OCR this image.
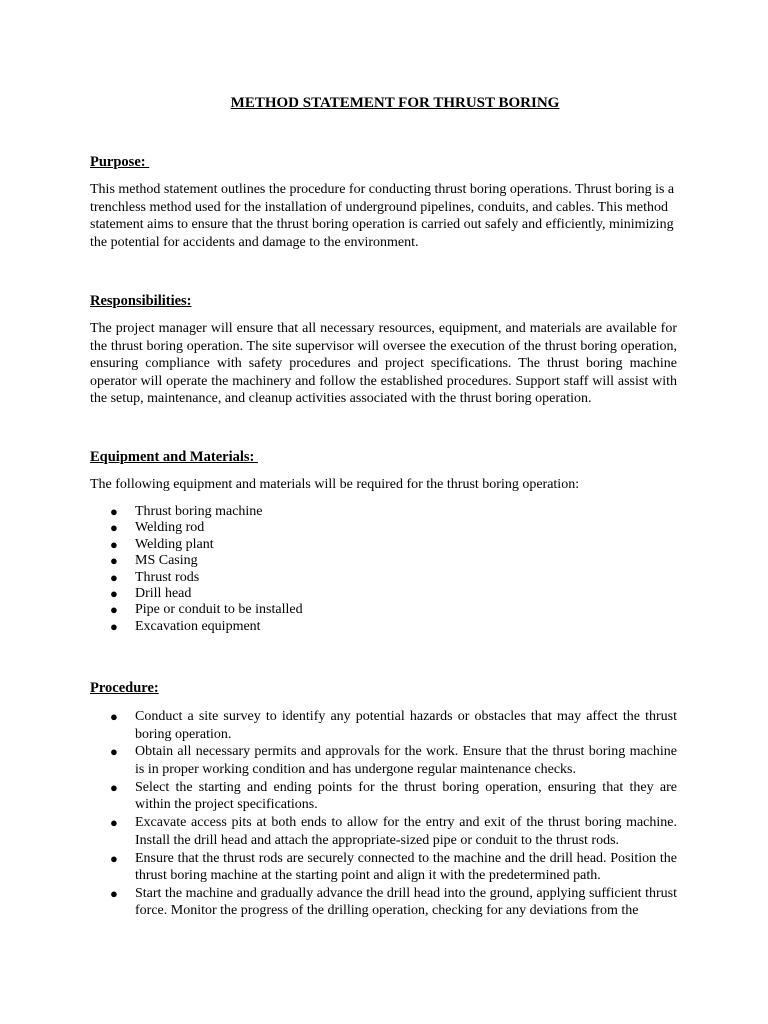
METHOD STATEMENT FOR THRUST BORING
Purpose:

This method statement outlines the procedure for conducting thrust boring operations. Thrust boring is a trenchless method used for the installation of underground pipelines, conduits, and cables. This method statement aims to ensure that the thrust boring operation is carried out safely and efficiently, minimizing the potential for accidents and damage to the environment.

Responsibilities:

The project manager will ensure that all necessary resources, equipment, and materials are available for the thrust boring operation. The site supervisor will oversee the execution of the thrust boring operation, ensuring compliance with safety procedures and project specifications. The thrust boring machine operator will operate the machinery and follow the established procedures. Support staff will assist with the setup, maintenance, and cleanup activities associated with the thrust boring operation.

Equipment and Materials:

The following equipment and materials will be required for the thrust boring operation:

● Thrust boring machine
● Welding rod
● Welding plant
● MS Casing
● Thrust rods
● Drill head
● Pipe or conduit to be installed
● Excavation equipment
Procedure:
● Conduct a site survey to identify any potential hazards or obstacles that may affect the thrust boring operation.
● Obtain all necessary permits and approvals for the work. Ensure that the thrust boring machine is in proper working condition and has undergone regular maintenance checks.
● Select the starting and ending points for the thrust boring operation, ensuring that they are within the project specifications.
● Excavate access pits at both ends to allow for the entry and exit of the thrust boring machine. Install the drill head and attach the appropriate-sized pipe or conduit to the thrust rods.
● Ensure that the thrust rods are securely connected to the machine and the drill head. Position the thrust boring machine at the starting point and align it with the predetermined path.
● Start the machine and gradually advance the drill head into the ground, applying sufficient thrust force. Monitor the progress of the drilling operation, checking for any deviations from the
